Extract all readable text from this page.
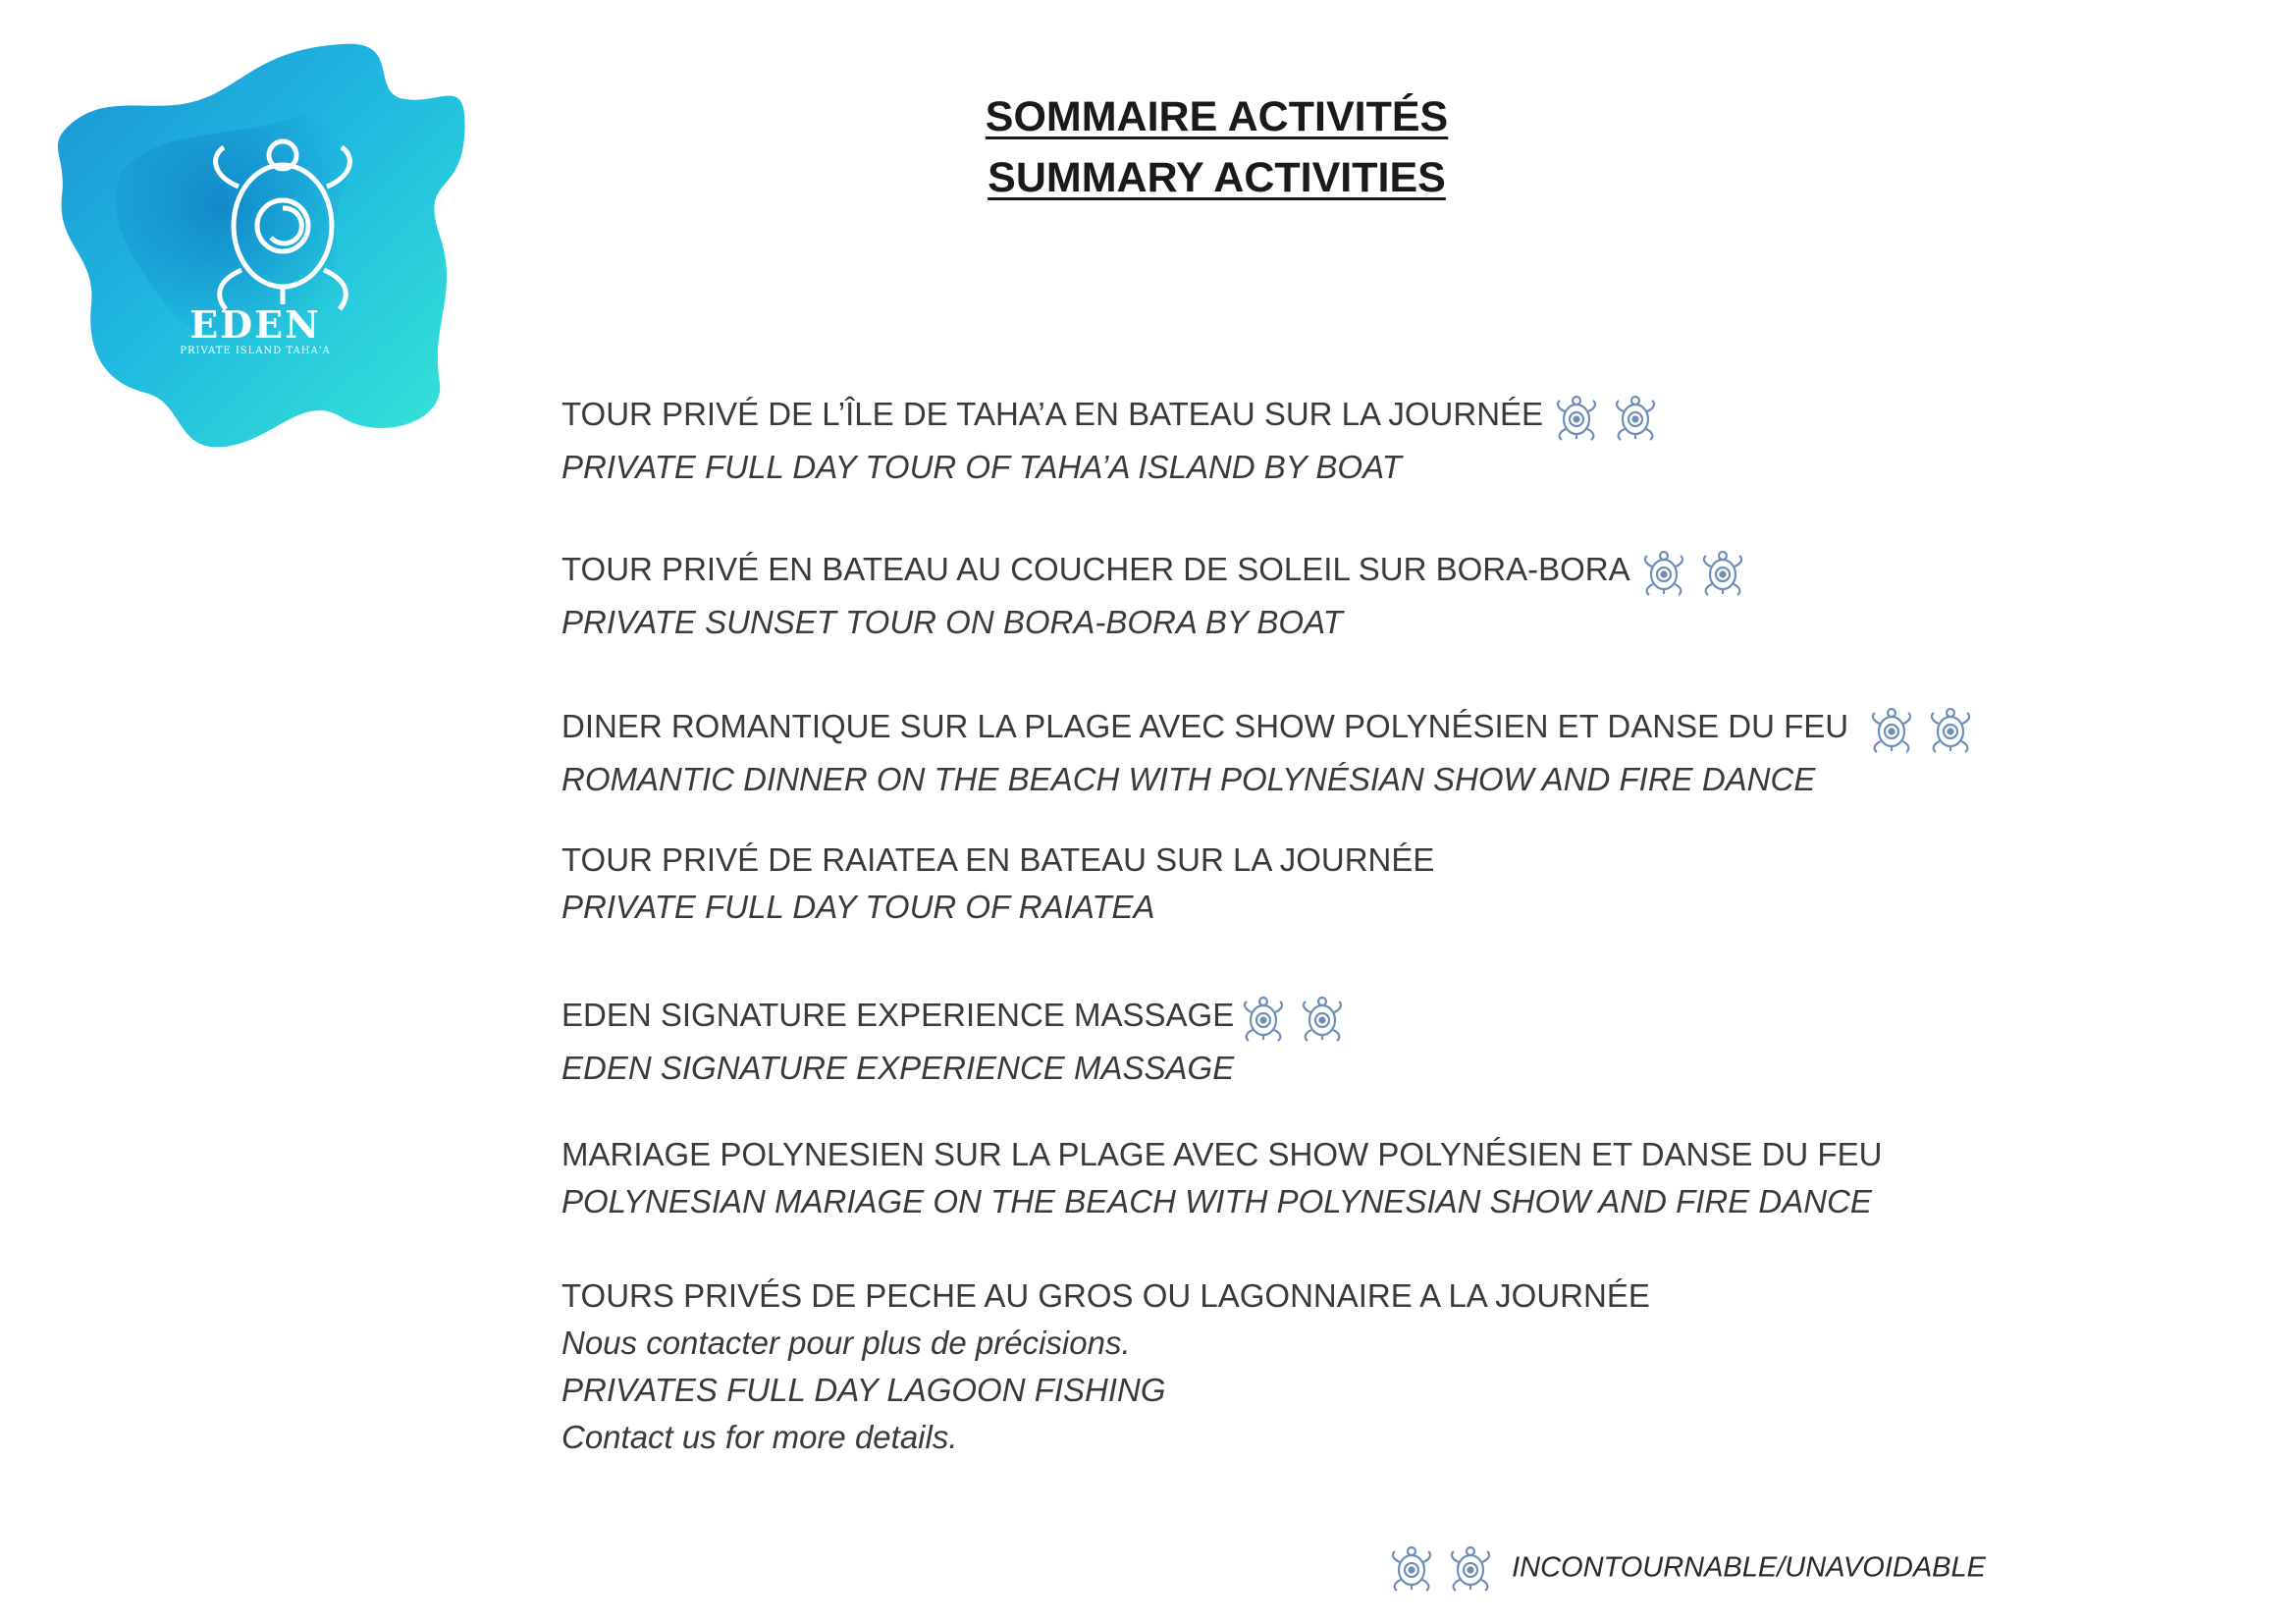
EDEN
PRIVATE ISLAND TAHA'A
SOMMAIRE ACTIVITÉS
SUMMARY ACTIVITIES
TOUR PRIVÉ DE L’ÎLE DE TAHA’A EN BATEAU SUR LA JOURNÉE
PRIVATE FULL DAY TOUR OF TAHA’A ISLAND BY BOAT
TOUR PRIVÉ EN BATEAU AU COUCHER DE SOLEIL SUR BORA-BORA
PRIVATE SUNSET TOUR ON BORA-BORA BY BOAT
DINER ROMANTIQUE SUR LA PLAGE AVEC SHOW POLYNÉSIEN ET DANSE DU FEU
ROMANTIC DINNER ON THE BEACH WITH POLYNÉSIAN SHOW AND FIRE DANCE
TOUR PRIVÉ DE RAIATEA EN BATEAU SUR LA JOURNÉE
PRIVATE FULL DAY TOUR OF RAIATEA
EDEN SIGNATURE EXPERIENCE MASSAGE
EDEN SIGNATURE EXPERIENCE MASSAGE
MARIAGE POLYNESIEN SUR LA PLAGE AVEC SHOW POLYNÉSIEN ET DANSE DU FEU
POLYNESIAN MARIAGE ON THE BEACH WITH POLYNESIAN SHOW AND FIRE DANCE
TOURS PRIVÉS DE PECHE AU GROS OU LAGONNAIRE A LA JOURNÉE
Nous contacter pour plus de précisions.
PRIVATES FULL DAY LAGOON FISHING
Contact us for more details.
INCONTOURNABLE/UNAVOIDABLE
